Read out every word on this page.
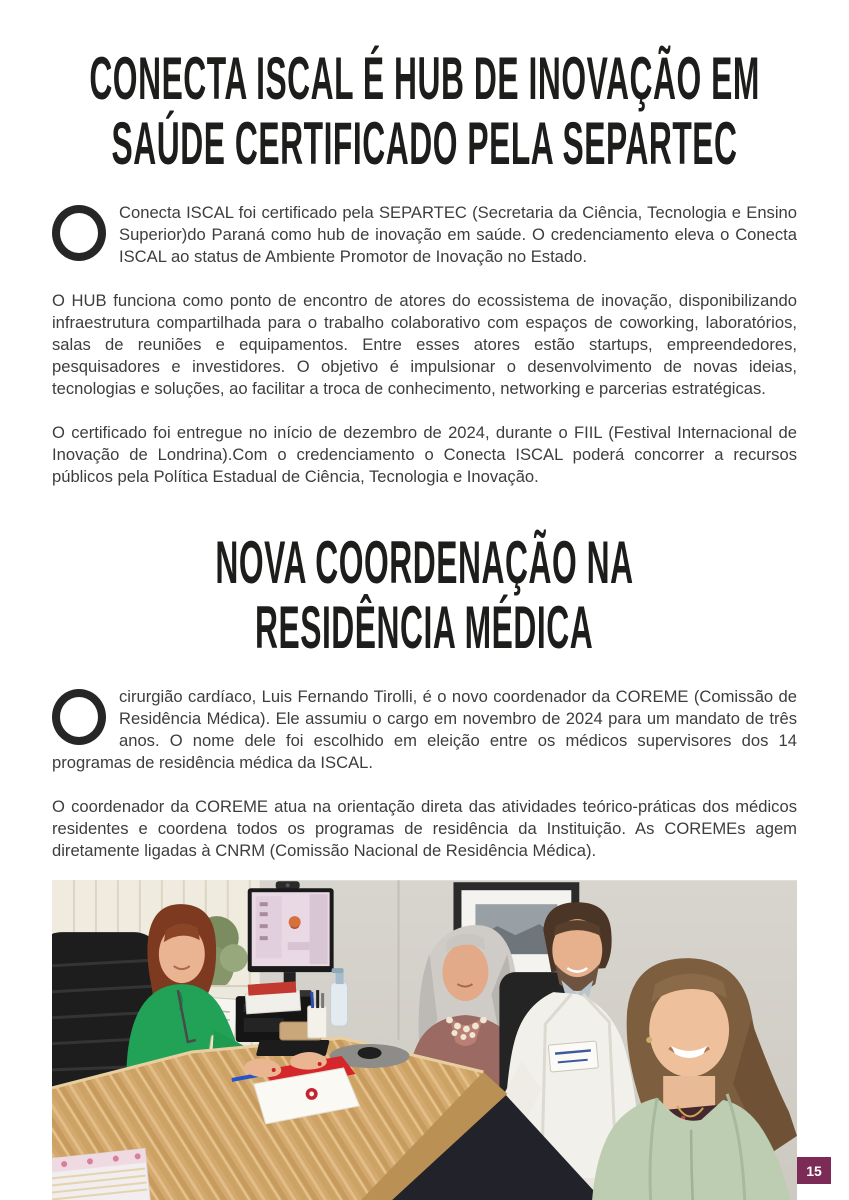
CONECTA ISCAL É HUB DE INOVAÇÃO EM
SAÚDE CERTIFICADO PELA SEPARTEC

Conecta ISCAL foi certificado pela SEPARTEC (Secretaria da Ciência, Tecnologia e Ensino Superior)do Paraná como hub de inovação em saúde. O credenciamento eleva o Conecta ISCAL ao status de Ambiente Promotor de Inovação no Estado.

O HUB funciona como ponto de encontro de atores do ecossistema de inovação, disponibilizando infraestrutura compartilhada para o trabalho colaborativo com espaços de coworking, laboratórios, salas de reuniões e equipamentos. Entre esses atores estão startups, empreendedores, pesquisadores e investidores. O objetivo é impulsionar o desenvolvimento de novas ideias, tecnologias e soluções, ao facilitar a troca de conhecimento, networking e parcerias estratégicas.

O certificado foi entregue no início de dezembro de 2024, durante o FIIL (Festival Internacional de Inovação de Londrina).Com o credenciamento o Conecta ISCAL poderá concorrer a recursos públicos pela Política Estadual de Ciência, Tecnologia e Inovação.

NOVA COORDENAÇÃO NA
RESIDÊNCIA MÉDICA

cirurgião cardíaco, Luis Fernando Tirolli, é o novo coordenador da COREME (Comissão de Residência Médica). Ele assumiu o cargo em novembro de 2024 para um mandato de três anos. O nome dele foi escolhido em eleição entre os médicos supervisores dos 14 programas de residência médica da ISCAL.

O coordenador da COREME atua na orientação direta das atividades teórico-práticas dos médicos residentes e coordena todos os programas de residência da Instituição. As COREMEs agem diretamente ligadas à CNRM (Comissão Nacional de Residência Médica).

15
